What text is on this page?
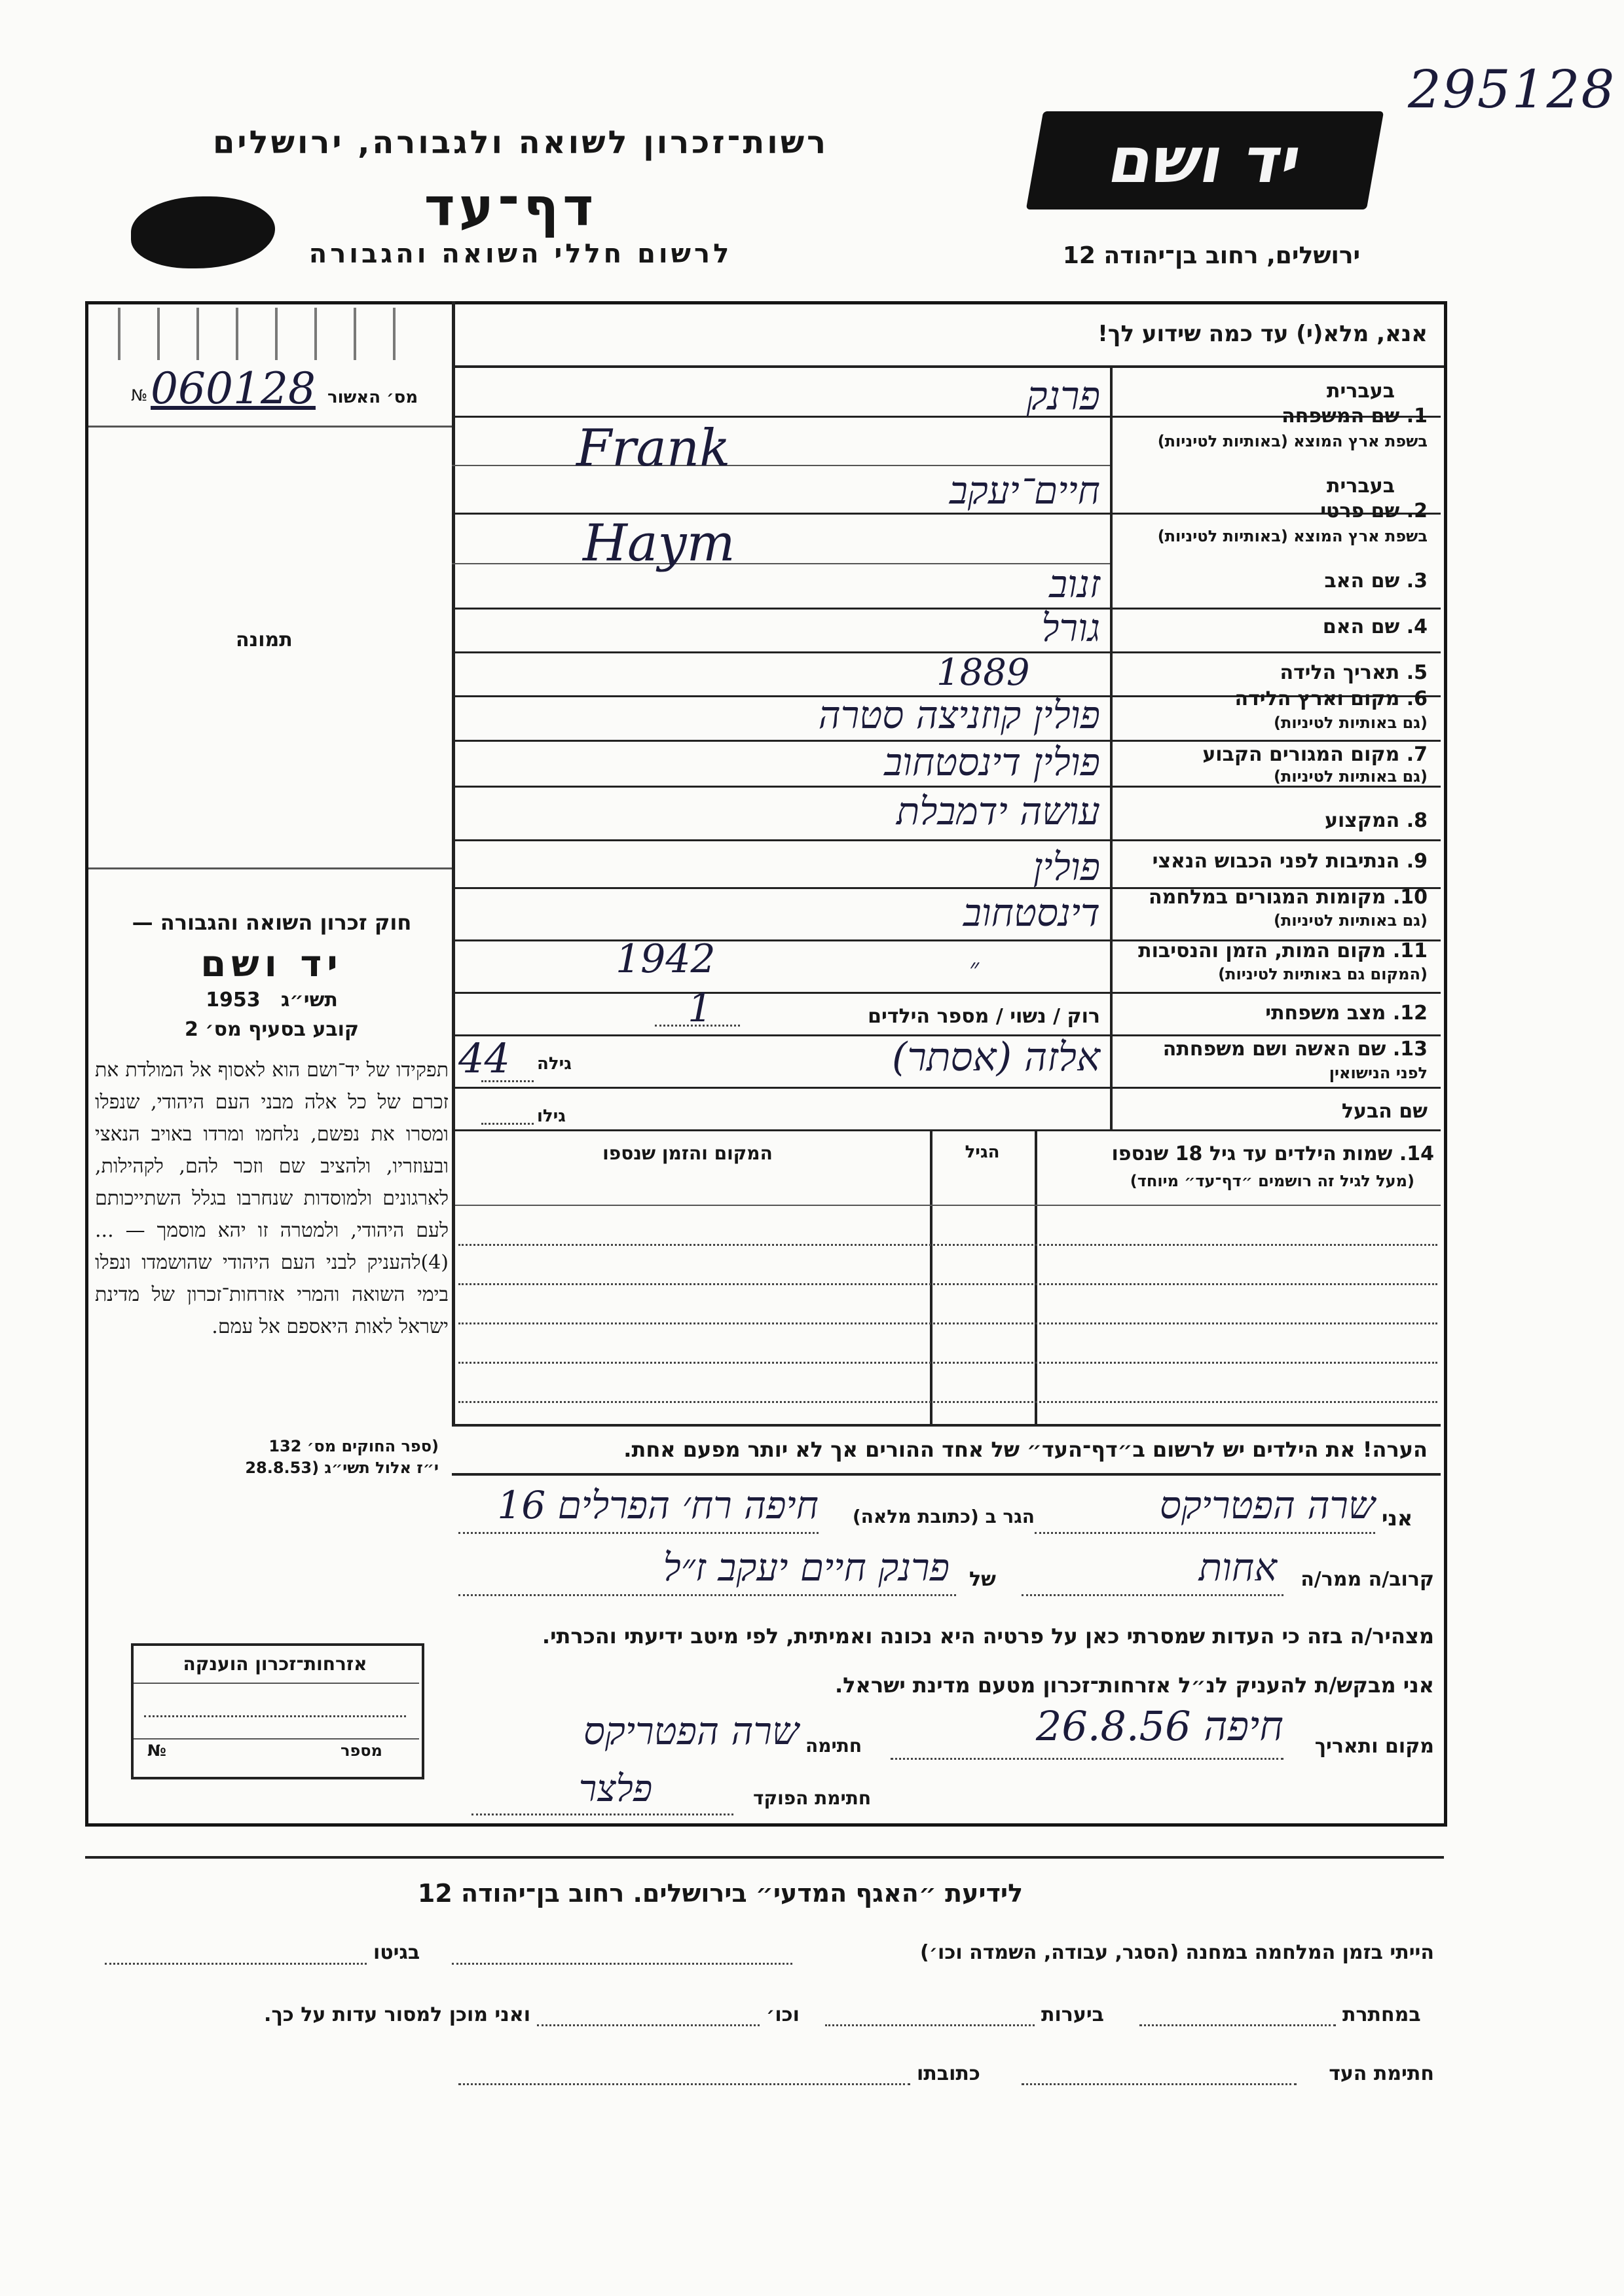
295128
רשות־זכרון לשואה ולגבורה, ירושלים
דף־עד
לרשום חללי השואה והגבורה
יד ושם
ירושלים, רחוב בן־יהודה 12
אנא, מלא(י) עד כמה שידוע לך!
060128
№	מס׳ האשור
תמונה
חוק זכרון השואה והגבורה —
יד ושם
1953 תשי״ג
קובע בסעיף מס׳ 2
תפקידו של יד־ושם הוא לאסוף אל המולדת את זכרם של כל אלה מבני העם היהודי, שנפלו ומסרו את נפשם, נלחמו ומרדו באויב הנאצי ובעוזריו, ולהציב שם וזכר להם, לקהילות, לארגונים ולמוסדות שנחרבו בגלל השתייכותם לעם היהודי, ולמטרה זו יהא מוסמך — ...(4)להעניק לבני העם היהודי שהושמדו ונפלו בימי השואה והמרי אזרחות־זכרון של מדינת ישראל לאות היאספם אל עמם.
(ספר החוקים מס׳ 132
י״ז אלול תשי״ג (28.8.53
בעברית
1. שם המשפחה
בשפת ארץ המוצא (באותיות לטיניות)
בעברית
2. שם פרטי
בשפת ארץ המוצא (באותיות לטיניות)
3. שם האב
4. שם האם
5. תאריך הלידה
6. מקום וארץ הלידה
(גם באותיות לטיניות)
7. מקום המגורים הקבוע
(גם באותיות לטיניות)
8. המקצוע
9. הנתיבות לפני הכבוש הנאצי
10. מקומות המגורים במלחמה
(גם באותיות לטיניות)
11. מקום המות, הזמן והנסיבות
(המקום גם באותיות לטיניות)
12. מצב משפחתי
13. שם האשה ושם משפחתה
לפני הנישואין
שם הבעל
פרנק
Frank
חיים־יעקב
Haym
זנוב
גורל
1889
פולין קוזניצה סטרה
פולין דינסטחוב
עושה ידמבלת
פולין
דינסטחוב
1942	״
רוק / נשוי / מספר הילדים
1
אלזה (אסתר)
גילה
44
גילו
14. שמות הילדים עד גיל 18 שנספו
(מעל לגיל זה רושמים ״דף־עד״ מיוחד)
הגיל
המקום והזמן שנספו
הערה! את הילדים יש לרשום ב״דף־העד״ של אחד ההורים אך לא יותר מפעם אחת.
אני
שרה הפטריקס
הגר ב (כתובת מלאה)
חיפה רח׳ הפרלים 16
קרוב/ה ממר/ה
אחות
של
פרנק חיים יעקב ז״ל
מצהיר/ה בזה כי העדות שמסרתי כאן על פרטיה היא נכונה ואמיתית, לפי מיטב ידיעתי והכרתי.
אני מבקש/ת להעניק לנ״ל אזרחות־זכרון מטעם מדינת ישראל.
מקום ותאריך
חיפה 26.8.56
חתימה
שרה הפטריקס
חתימת הפוקד
פלצר
אזרחות־זכרון הוענקה
מספר
№
לידיעת ״האגף המדעי״ בירושלים. רחוב בן־יהודה 12
הייתי בזמן המלחמה במחנה (הסגר, עבודה, השמדה וכו׳)
בגיטו
במחתרת
ביערות
וכו׳
ואני מוכן למסור עדות על כך.
חתימת העד
כתובתו
